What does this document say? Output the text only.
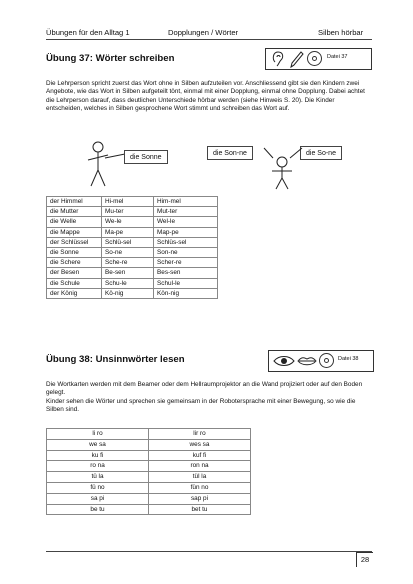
Übungen für den Alltag 1	Dopplungen / Wörter	Silben hörbar
Übung 37: Wörter schreiben	Datei 37
Die Lehrperson spricht zuerst das Wort ohne in Silben aufzuteilen vor. Anschliessend gibt sie den Kindern zwei Angebote, wie das Wort in Silben aufgeteilt tönt, einmal mit einer Dopplung, einmal ohne Dopplung. Dabei achtet die Lehrperson darauf, dass deutlichen Unterschiede hörbar werden (siehe Hinweis S. 20). Die Kinder entscheiden, welches in Silben gesprochene Wort stimmt und schreiben das Wort auf.
die Sonne
die Son-ne	die So-ne
der Himmel	Hi-mel	Him-mel
die Mutter	Mu-ter	Mut-ter
die Welle	We-le	Wel-le
die Mappe	Ma-pe	Map-pe
der Schlüssel	Schlü-sel	Schlüs-sel
die Sonne	So-ne	Son-ne
die Schere	Sche-re	Scher-re
der Besen	Be-sen	Bes-sen
die Schule	Schu-le	Schul-le
der König	Kö-nig	Kön-nig
Übung 38: Unsinnwörter lesen	Datei 38
Die Wortkarten werden mit dem Beamer oder dem Hellraumprojektor an die Wand projiziert oder auf den Boden gelegt.
Kinder sehen die Wörter und sprechen sie gemeinsam in der Robotersprache mit einer Bewegung, so wie die Silben sind.
li ro	lir ro
we sa	wes sa
ku fi	kuf fi
ro na	ron na
tü la	tül la
fü no	fün no
sa pi	sap pi
be tu	bet tu
28
